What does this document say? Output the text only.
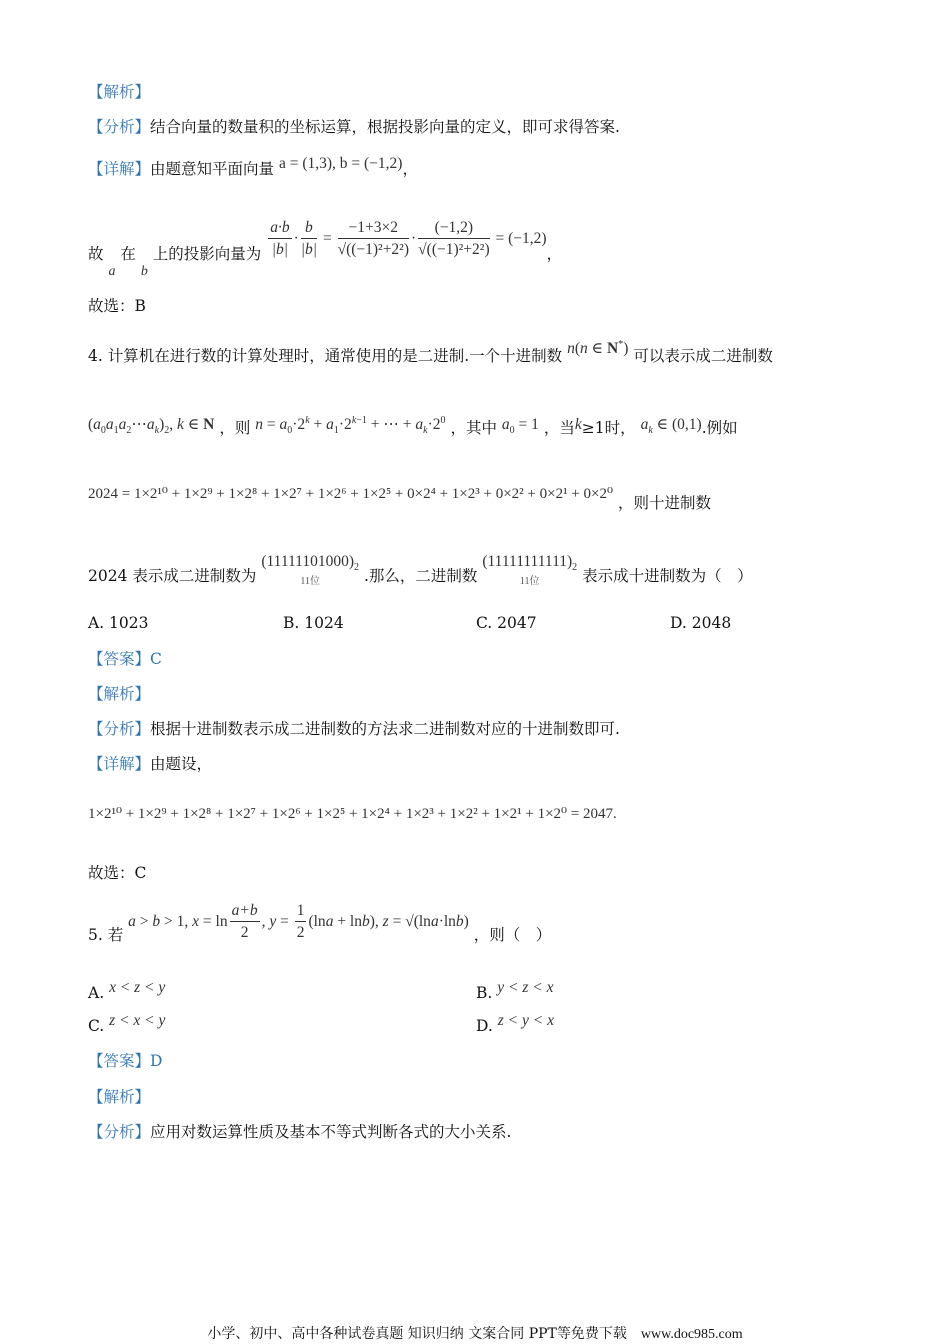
【解析】
【分析】结合向量的数量积的坐标运算，根据投影向量的定义，即可求得答案.
【详解】由题意知平面向量 a = (1,3), b = (−1,2)，
故 a 在 b 上的投影向量为 $\frac{a\cdot b}{|b|} \cdot \frac{b}{|b|} = \frac{-1+3\times 2}{\text{√((−1)²+2²)}} \cdot \frac{(-1,2)}{\text{√((−1)²+2²)}} = (-1,2)$，
故选：B
4. 计算机在进行数的计算处理时，通常使用的是二进制.一个十进制数 n(n ∈ N*) 可以表示成二进制数
$(a_0a_1a_2\cdots a_k)_2$, k ∈ N ，则 $n = a_0\cdot 2^k + a_1\cdot 2^{k-1}$ + ⋯ + $a_k\cdot 2^0$ ，其中 $a_0 = 1$ ，当k≥1时， $a_k$ ∈ (0,1).例如
2024 = 1×2¹⁰ + 1×2⁹ + 1×2⁸ + 1×2⁷ + 1×2⁶ + 1×2⁵ + 0×2⁴ + 1×2³ + 0×2² + 0×2¹ + 0×2⁰ ，则十进制数
2024 表示成二进制数为 $(11111101000)_2$
11位	.那么，二进制数 $(11111111111)_2$
11位	表示成十进制数为（　）
A. 1023	B. 1024	C. 2047	D. 2048
【答案】C
【解析】
【分析】根据十进制数表示成二进制数的方法求二进制数对应的十进制数即可.
【详解】由题设，
1×2¹⁰ + 1×2⁹ + 1×2⁸ + 1×2⁷ + 1×2⁶ + 1×2⁵ + 1×2⁴ + 1×2³ + 1×2² + 1×2¹ + 1×2⁰ = 2047.
故选：C
5. 若 a > b > 1, $x = \ln \frac{a+b}{2}$ , $y = \frac{1}{2} (\ln a + \ln b)$, z = √(lna·lnb) ，则（　）
A. x < z < y	B. y < z < x
C. z < x < y	D. z < y < x
【答案】D
【解析】
【分析】应用对数运算性质及基本不等式判断各式的大小关系.
小学、初中、高中各种试卷真题 知识归纳 文案合同 PPT等免费下载 www.doc985.com
